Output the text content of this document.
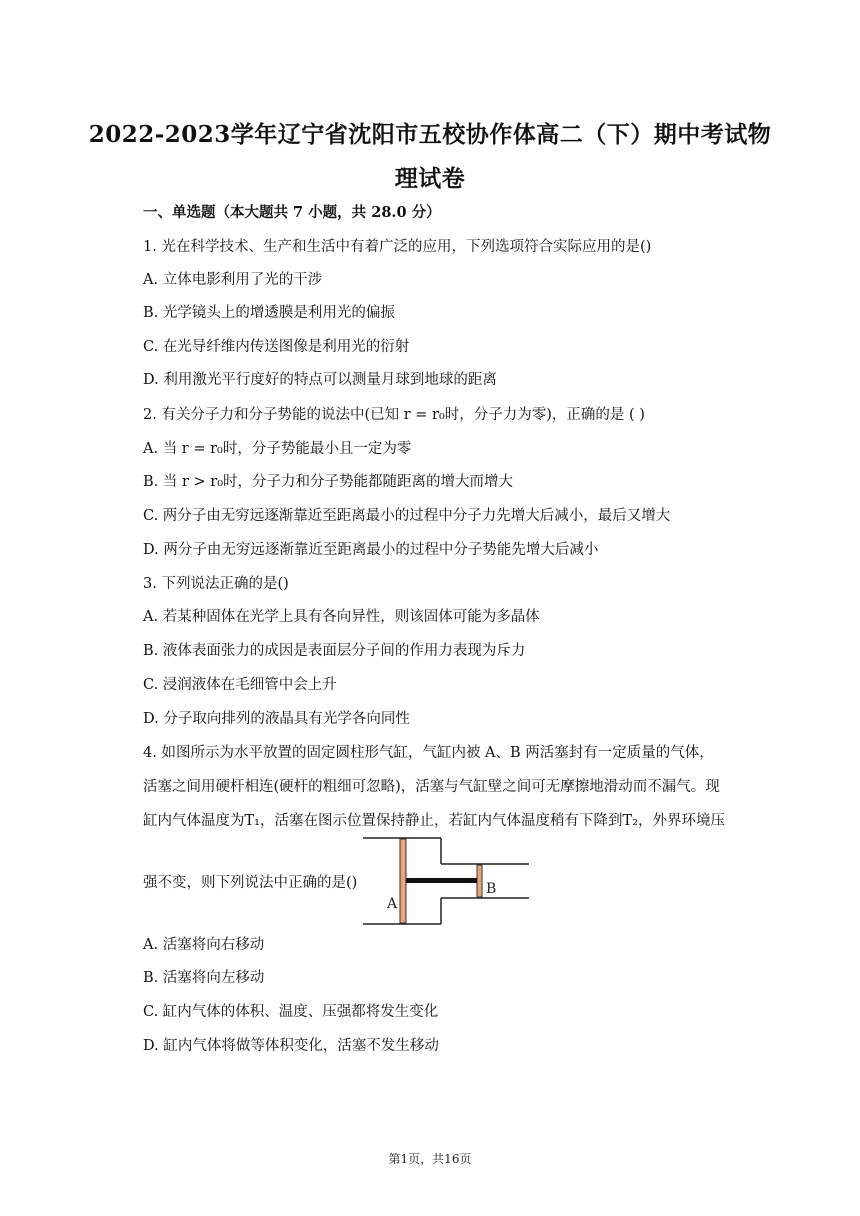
2022-2023学年辽宁省沈阳市五校协作体高二（下）期中考试物
理试卷
一、单选题（本大题共 7 小题，共 28.0 分）
1. 光在科学技术、生产和生活中有着广泛的应用，下列选项符合实际应用的是()
A. 立体电影利用了光的干涉
B. 光学镜头上的增透膜是利用光的偏振
C. 在光导纤维内传送图像是利用光的衍射
D. 利用激光平行度好的特点可以测量月球到地球的距离
2. 有关分子力和分子势能的说法中(已知 r = r₀时，分子力为零)，正确的是 ( )
A. 当 r = r₀时，分子势能最小且一定为零
B. 当 r > r₀时，分子力和分子势能都随距离的增大而增大
C. 两分子由无穷远逐渐靠近至距离最小的过程中分子力先增大后减小，最后又增大
D. 两分子由无穷远逐渐靠近至距离最小的过程中分子势能先增大后减小
3. 下列说法正确的是()
A. 若某种固体在光学上具有各向异性，则该固体可能为多晶体
B. 液体表面张力的成因是表面层分子间的作用力表现为斥力
C. 浸润液体在毛细管中会上升
D. 分子取向排列的液晶具有光学各向同性
4. 如图所示为水平放置的固定圆柱形气缸，气缸内被 A、B 两活塞封有一定质量的气体，
活塞之间用硬杆相连(硬杆的粗细可忽略)，活塞与气缸壁之间可无摩擦地滑动而不漏气。现
缸内气体温度为T₁，活塞在图示位置保持静止，若缸内气体温度稍有下降到T₂，外界环境压
强不变，则下列说法中正确的是()
A
B
A. 活塞将向右移动
B. 活塞将向左移动
C. 缸内气体的体积、温度、压强都将发生变化
D. 缸内气体将做等体积变化，活塞不发生移动
第1页，共16页
